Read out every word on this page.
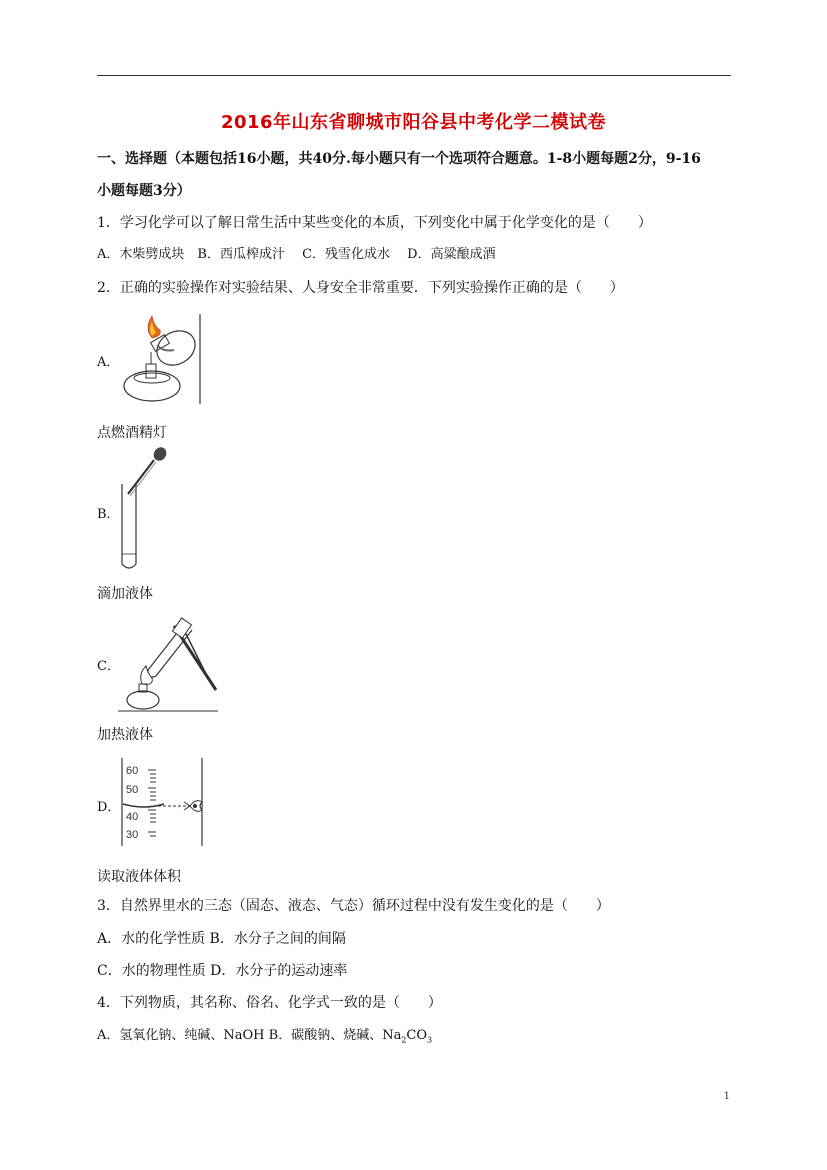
2016年山东省聊城市阳谷县中考化学二模试卷
一、选择题（本题包括16小题，共40分.每小题只有一个选项符合题意。1-8小题每题2分，9-16
小题每题3分）
1．学习化学可以了解日常生活中某些变化的本质，下列变化中属于化学变化的是（　　）
A．木柴劈成块　B．西瓜榨成汁　 C．残雪化成水　 D．高粱酿成酒
2．正确的实验操作对实验结果、人身安全非常重要．下列实验操作正确的是（　　）
A．
点燃酒精灯
B．
滴加液体
C．
加热液体
D．
60
50
40
30
读取液体体积
3．自然界里水的三态（固态、液态、气态）循环过程中没有发生变化的是（　　）
A．水的化学性质 B．水分子之间的间隔
C．水的物理性质 D．水分子的运动速率
4．下列物质，其名称、俗名、化学式一致的是（　　）
A．氢氧化钠、纯碱、NaOH B．碳酸钠、烧碱、$Na_2CO_3$
1
